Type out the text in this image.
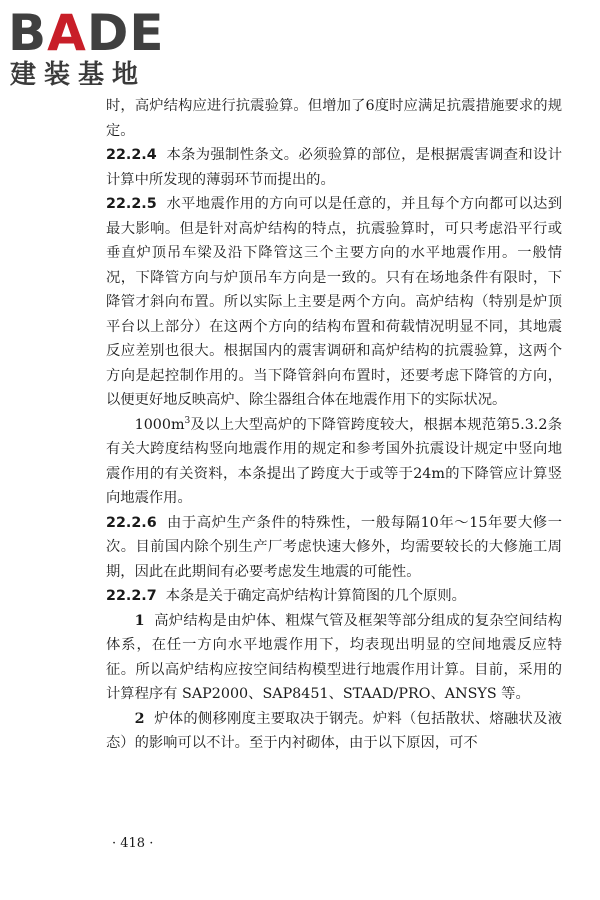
BADE
建装基地

时，高炉结构应进行抗震验算。但增加了6度时应满足抗震措施要求的规定。

22.2.4 本条为强制性条文。必须验算的部位，是根据震害调查和设计计算中所发现的薄弱环节而提出的。

22.2.5 水平地震作用的方向可以是任意的，并且每个方向都可以达到最大影响。但是针对高炉结构的特点，抗震验算时，可只考虑沿平行或垂直炉顶吊车梁及沿下降管这三个主要方向的水平地震作用。一般情况，下降管方向与炉顶吊车方向是一致的。只有在场地条件有限时，下降管才斜向布置。所以实际上主要是两个方向。高炉结构（特别是炉顶平台以上部分）在这两个方向的结构布置和荷载情况明显不同，其地震反应差别也很大。根据国内的震害调研和高炉结构的抗震验算，这两个方向是起控制作用的。当下降管斜向布置时，还要考虑下降管的方向，以便更好地反映高炉、除尘器组合体在地震作用下的实际状况。

$1000m^3$及以上大型高炉的下降管跨度较大，根据本规范第5.3.2条有关大跨度结构竖向地震作用的规定和参考国外抗震设计规定中竖向地震作用的有关资料，本条提出了跨度大于或等于24m的下降管应计算竖向地震作用。

22.2.6 由于高炉生产条件的特殊性，一般每隔10年～15年要大修一次。目前国内除个别生产厂考虑快速大修外，均需要较长的大修施工周期，因此在此期间有必要考虑发生地震的可能性。

22.2.7 本条是关于确定高炉结构计算简图的几个原则。

1 高炉结构是由炉体、粗煤气管及框架等部分组成的复杂空间结构体系，在任一方向水平地震作用下，均表现出明显的空间地震反应特征。所以高炉结构应按空间结构模型进行地震作用计算。目前，采用的计算程序有 SAP2000、SAP8451、STAAD/PRO、ANSYS 等。

2 炉体的侧移刚度主要取决于钢壳。炉料（包括散状、熔融状及液态）的影响可以不计。至于内衬砌体，由于以下原因，可不

· 418 ·
